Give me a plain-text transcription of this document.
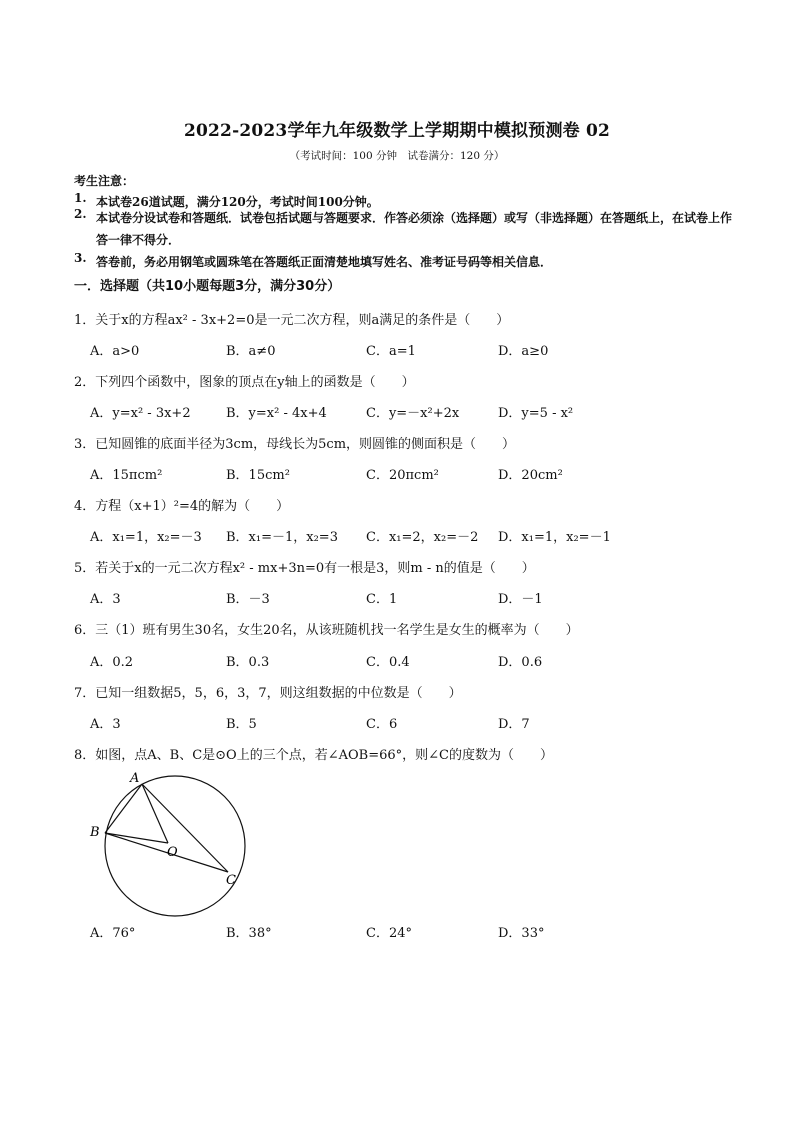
2022-2023学年九年级数学上学期期中模拟预测卷 02
（考试时间：100 分钟　试卷满分：120 分）
考生注意：
1. 本试卷26道试题，满分120分，考试时间100分钟。
2. 本试卷分设试卷和答题纸．试卷包括试题与答题要求．作答必须涂（选择题）或写（非选择题）在答题纸上，在试卷上作答一律不得分．
3. 答卷前，务必用钢笔或圆珠笔在答题纸正面清楚地填写姓名、准考证号码等相关信息．
一．选择题（共10小题每题3分，满分30分）
1．关于x的方程ax² - 3x+2=0是一元二次方程，则a满足的条件是（　　）
A．a>0	B．a≠0	C．a=1	D．a≥0
2．下列四个函数中，图象的顶点在y轴上的函数是（　　）
A．y=x² - 3x+2	B．y=x² - 4x+4	C．y=－x²+2x	D．y=5 - x²
3．已知圆锥的底面半径为3cm，母线长为5cm，则圆锥的侧面积是（　　）
A．15πcm²	B．15cm²	C．20πcm²	D．20cm²
4．方程（x+1）²=4的解为（　　）
A．x₁=1，x₂=－3 B．x₁=－1，x₂=3 C．x₁=2，x₂=－2 D．x₁=1，x₂=－1
5．若关于x的一元二次方程x² - mx+3n=0有一根是3，则m - n的值是（　　）
A．3	B．－3	C．1	D．－1
6．三（1）班有男生30名，女生20名，从该班随机找一名学生是女生的概率为（　　）
A．0.2	B．0.3	C．0.4	D．0.6
7．已知一组数据5，5，6，3，7，则这组数据的中位数是（　　）
A．3	B．5	C．6	D．7
8．如图，点A、B、C是⊙O上的三个点，若∠AOB=66°，则∠C的度数为（　　）
A
B
O
C
A．76°	B．38°	C．24°	D．33°
